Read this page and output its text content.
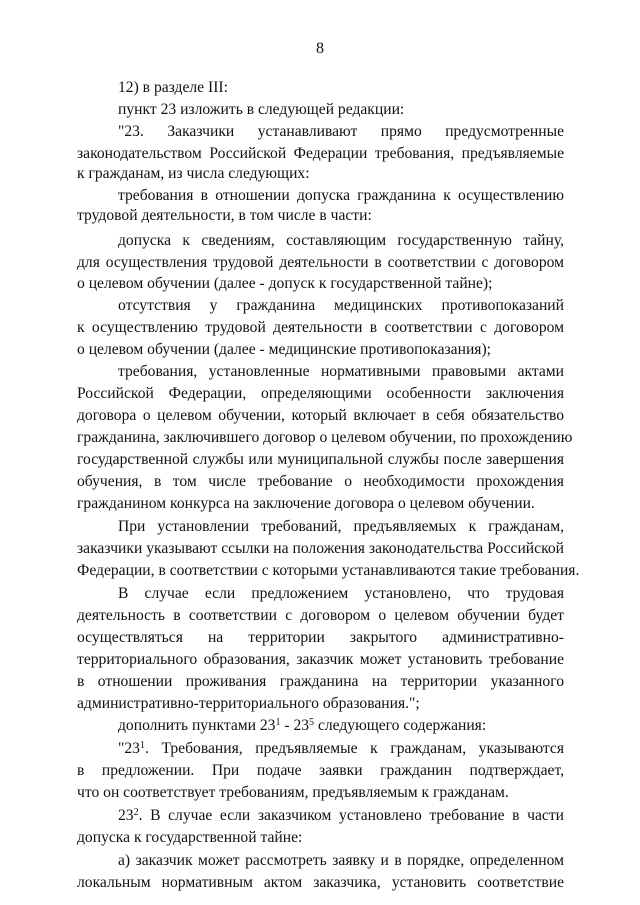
8
12) в разделе III:
пункт 23 изложить в следующей редакции:
"23. Заказчики устанавливают прямо предусмотренные
законодательством Российской Федерации требования, предъявляемые
к гражданам, из числа следующих:
требования в отношении допуска гражданина к осуществлению
трудовой деятельности, в том числе в части:
допуска к сведениям, составляющим государственную тайну,
для осуществления трудовой деятельности в соответствии с договором
о целевом обучении (далее - допуск к государственной тайне);
отсутствия у гражданина медицинских противопоказаний
к осуществлению трудовой деятельности в соответствии с договором
о целевом обучении (далее - медицинские противопоказания);
требования, установленные нормативными правовыми актами
Российской Федерации, определяющими особенности заключения
договора о целевом обучении, который включает в себя обязательство
гражданина, заключившего договор о целевом обучении, по прохождению
государственной службы или муниципальной службы после завершения
обучения, в том числе требование о необходимости прохождения
гражданином конкурса на заключение договора о целевом обучении.
При установлении требований, предъявляемых к гражданам,
заказчики указывают ссылки на положения законодательства Российской
Федерации, в соответствии с которыми устанавливаются такие требования.
В случае если предложением установлено, что трудовая
деятельность в соответствии с договором о целевом обучении будет
осуществляться на территории закрытого административно-
территориального образования, заказчик может установить требование
в отношении проживания гражданина на территории указанного
административно-территориального образования.";
дополнить пунктами $23^1 - 23^5$ следующего содержания:
"$23^1$. Требования, предъявляемые к гражданам, указываются
в предложении. При подаче заявки гражданин подтверждает,
что он соответствует требованиям, предъявляемым к гражданам.
$23^2$. В случае если заказчиком установлено требование в части
допуска к государственной тайне:
а) заказчик может рассмотреть заявку и в порядке, определенном
локальным нормативным актом заказчика, установить соответствие
